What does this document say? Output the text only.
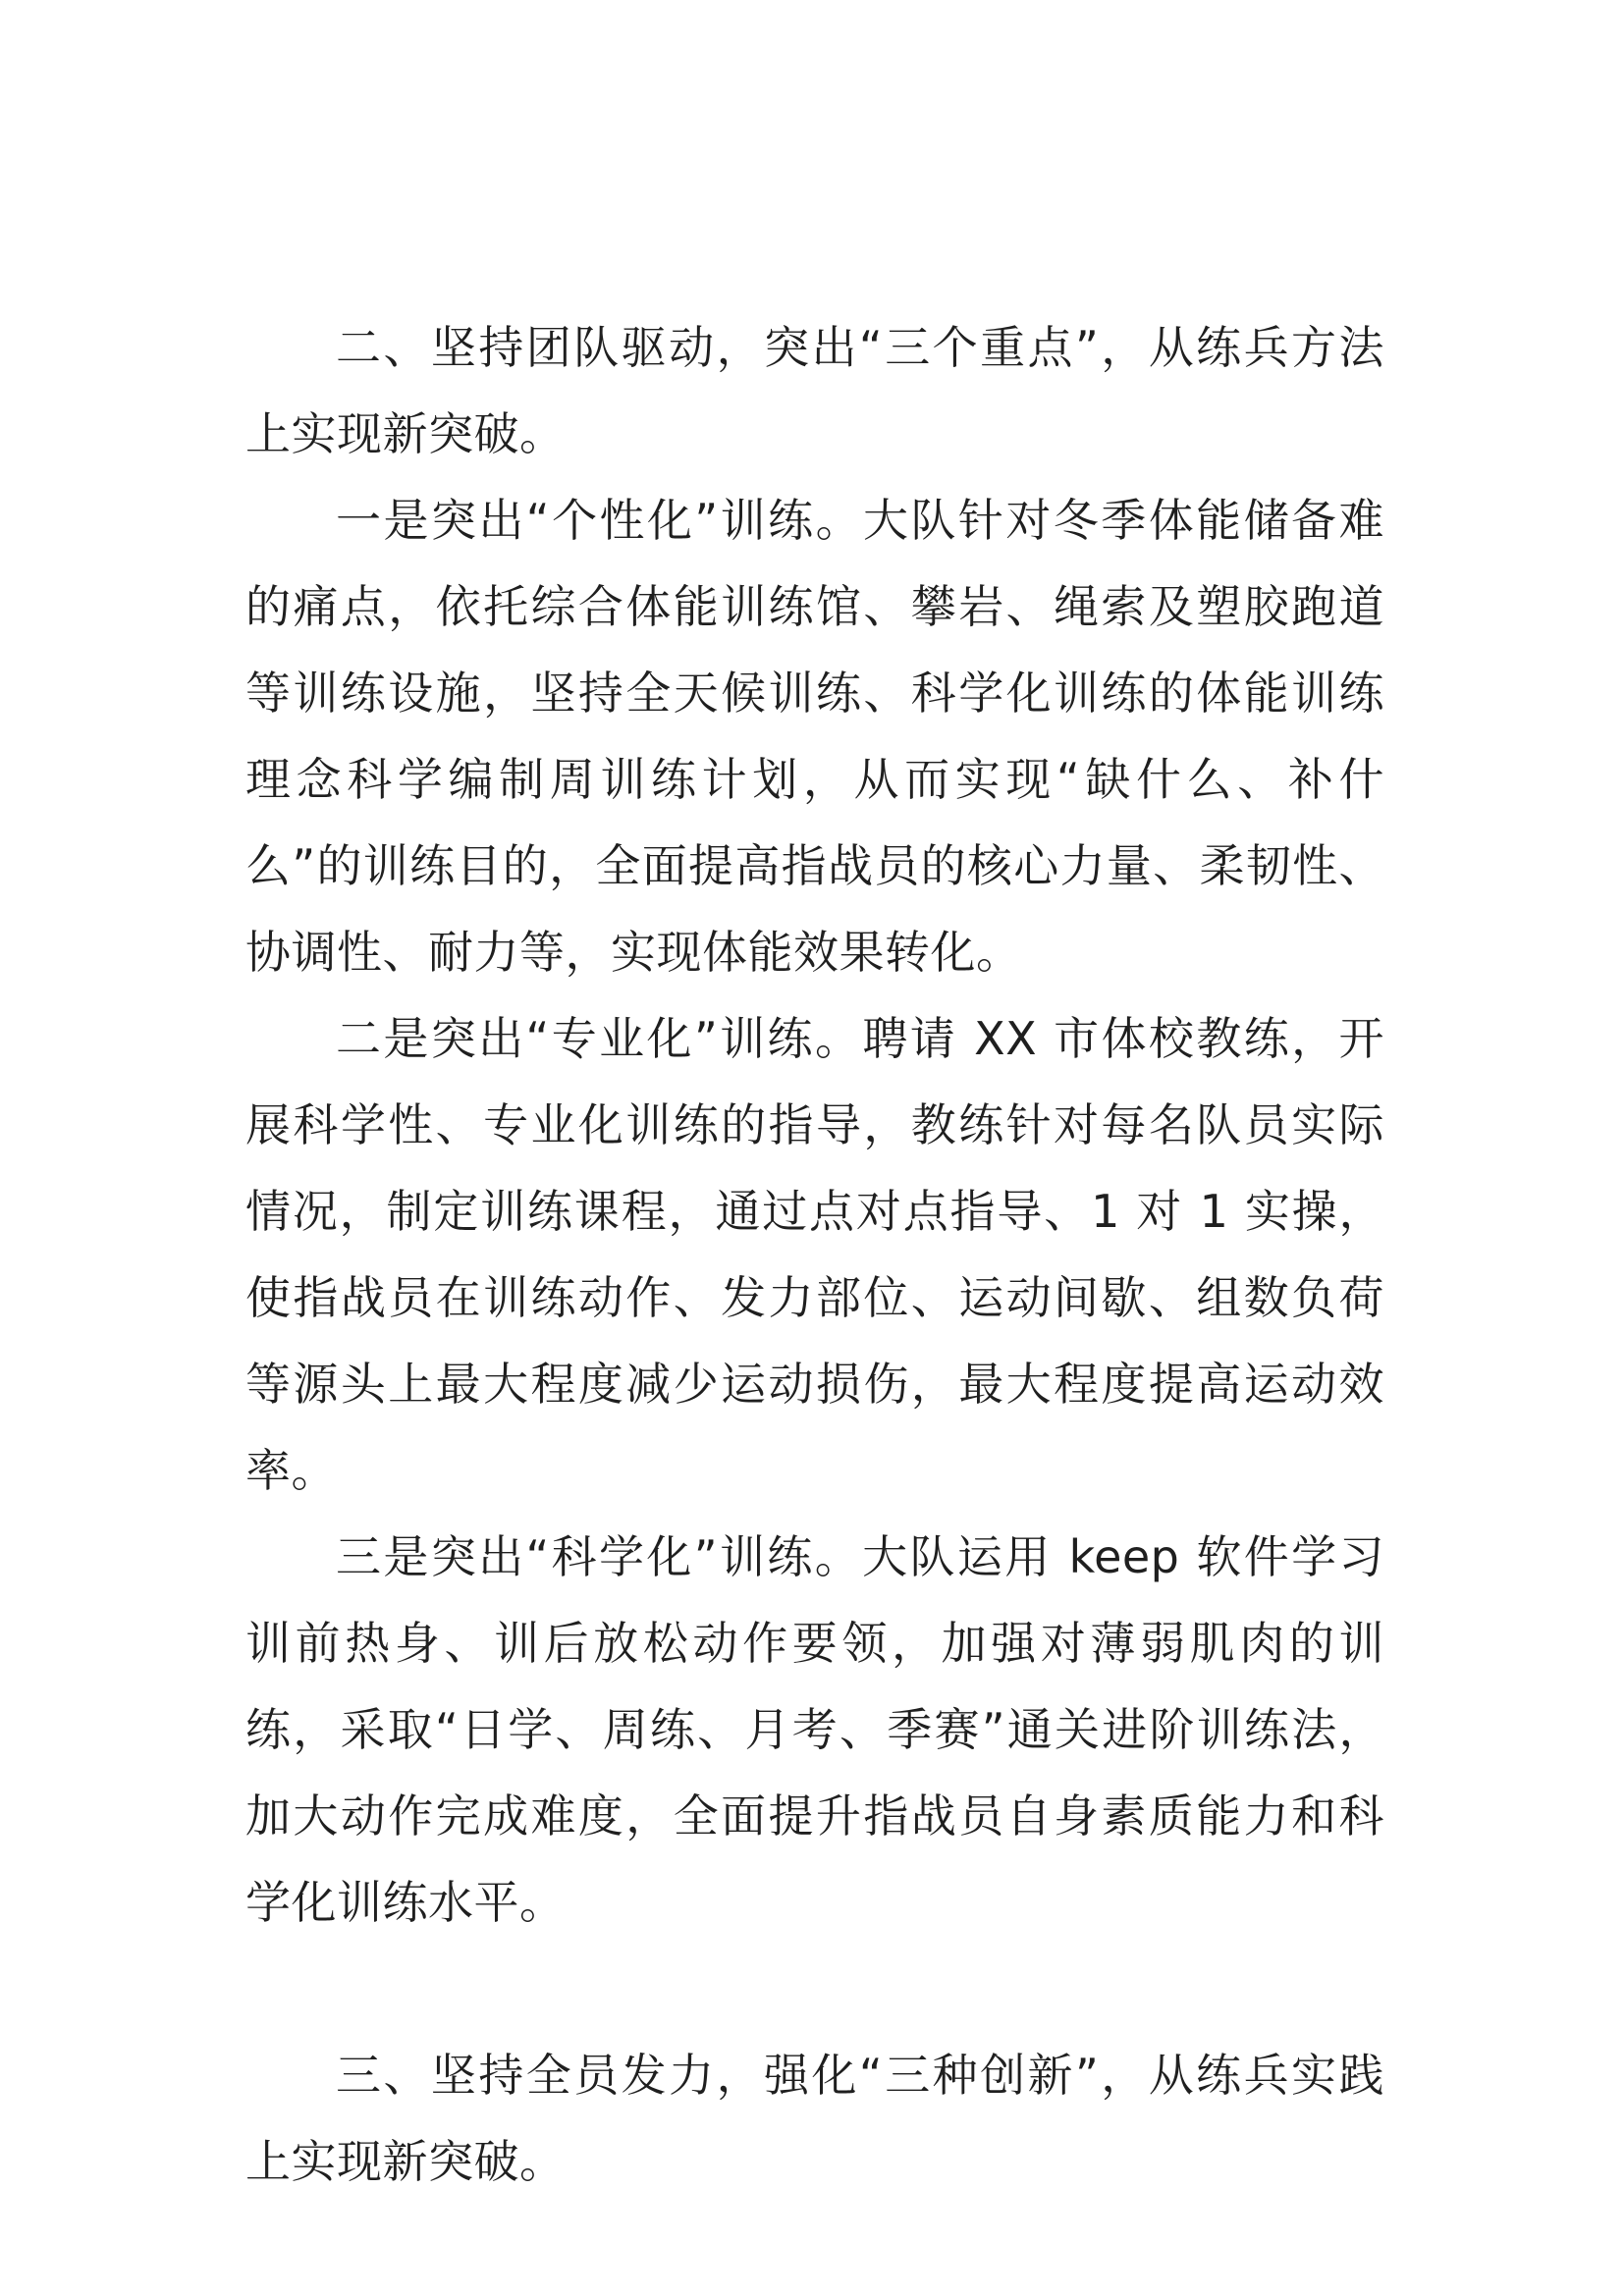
二、坚持团队驱动，突出“三个重点”，从练兵方法上实现新突破。

一是突出“个性化”训练。大队针对冬季体能储备难的痛点，依托综合体能训练馆、攀岩、绳索及塑胶跑道等训练设施，坚持全天候训练、科学化训练的体能训练理念科学编制周训练计划，从而实现“缺什么、补什么”的训练目的，全面提高指战员的核心力量、柔韧性、协调性、耐力等，实现体能效果转化。

二是突出“专业化”训练。聘请 XX 市体校教练，开展科学性、专业化训练的指导，教练针对每名队员实际情况，制定训练课程，通过点对点指导、1 对 1 实操，使指战员在训练动作、发力部位、运动间歇、组数负荷等源头上最大程度减少运动损伤，最大程度提高运动效率。

三是突出“科学化”训练。大队运用 keep 软件学习训前热身、训后放松动作要领，加强对薄弱肌肉的训练，采取“日学、周练、月考、季赛”通关进阶训练法，加大动作完成难度，全面提升指战员自身素质能力和科学化训练水平。

三、坚持全员发力，强化“三种创新”，从练兵实践上实现新突破。
